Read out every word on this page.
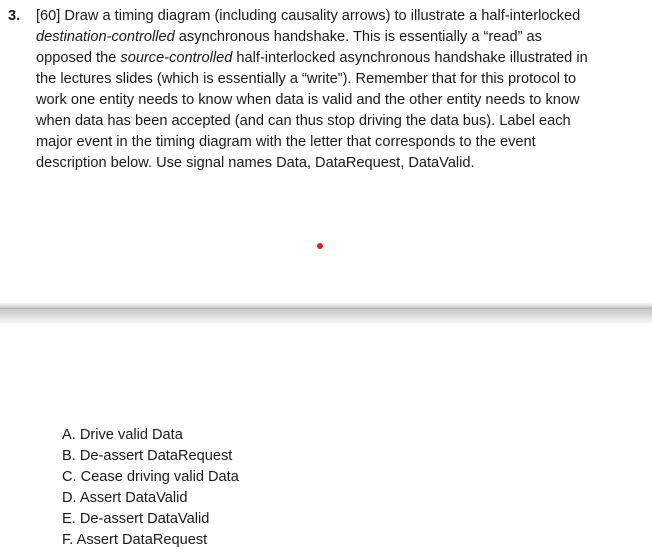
3. [60] Draw a timing diagram (including causality arrows) to illustrate a half-interlocked
destination-controlled asynchronous handshake. This is essentially a “read” as
opposed the source-controlled half-interlocked asynchronous handshake illustrated in
the lectures slides (which is essentially a “write”). Remember that for this protocol to
work one entity needs to know when data is valid and the other entity needs to know
when data has been accepted (and can thus stop driving the data bus). Label each
major event in the timing diagram with the letter that corresponds to the event
description below. Use signal names Data, DataRequest, DataValid.
A. Drive valid Data
B. De-assert DataRequest
C. Cease driving valid Data
D. Assert DataValid
E. De-assert DataValid
F. Assert DataRequest
